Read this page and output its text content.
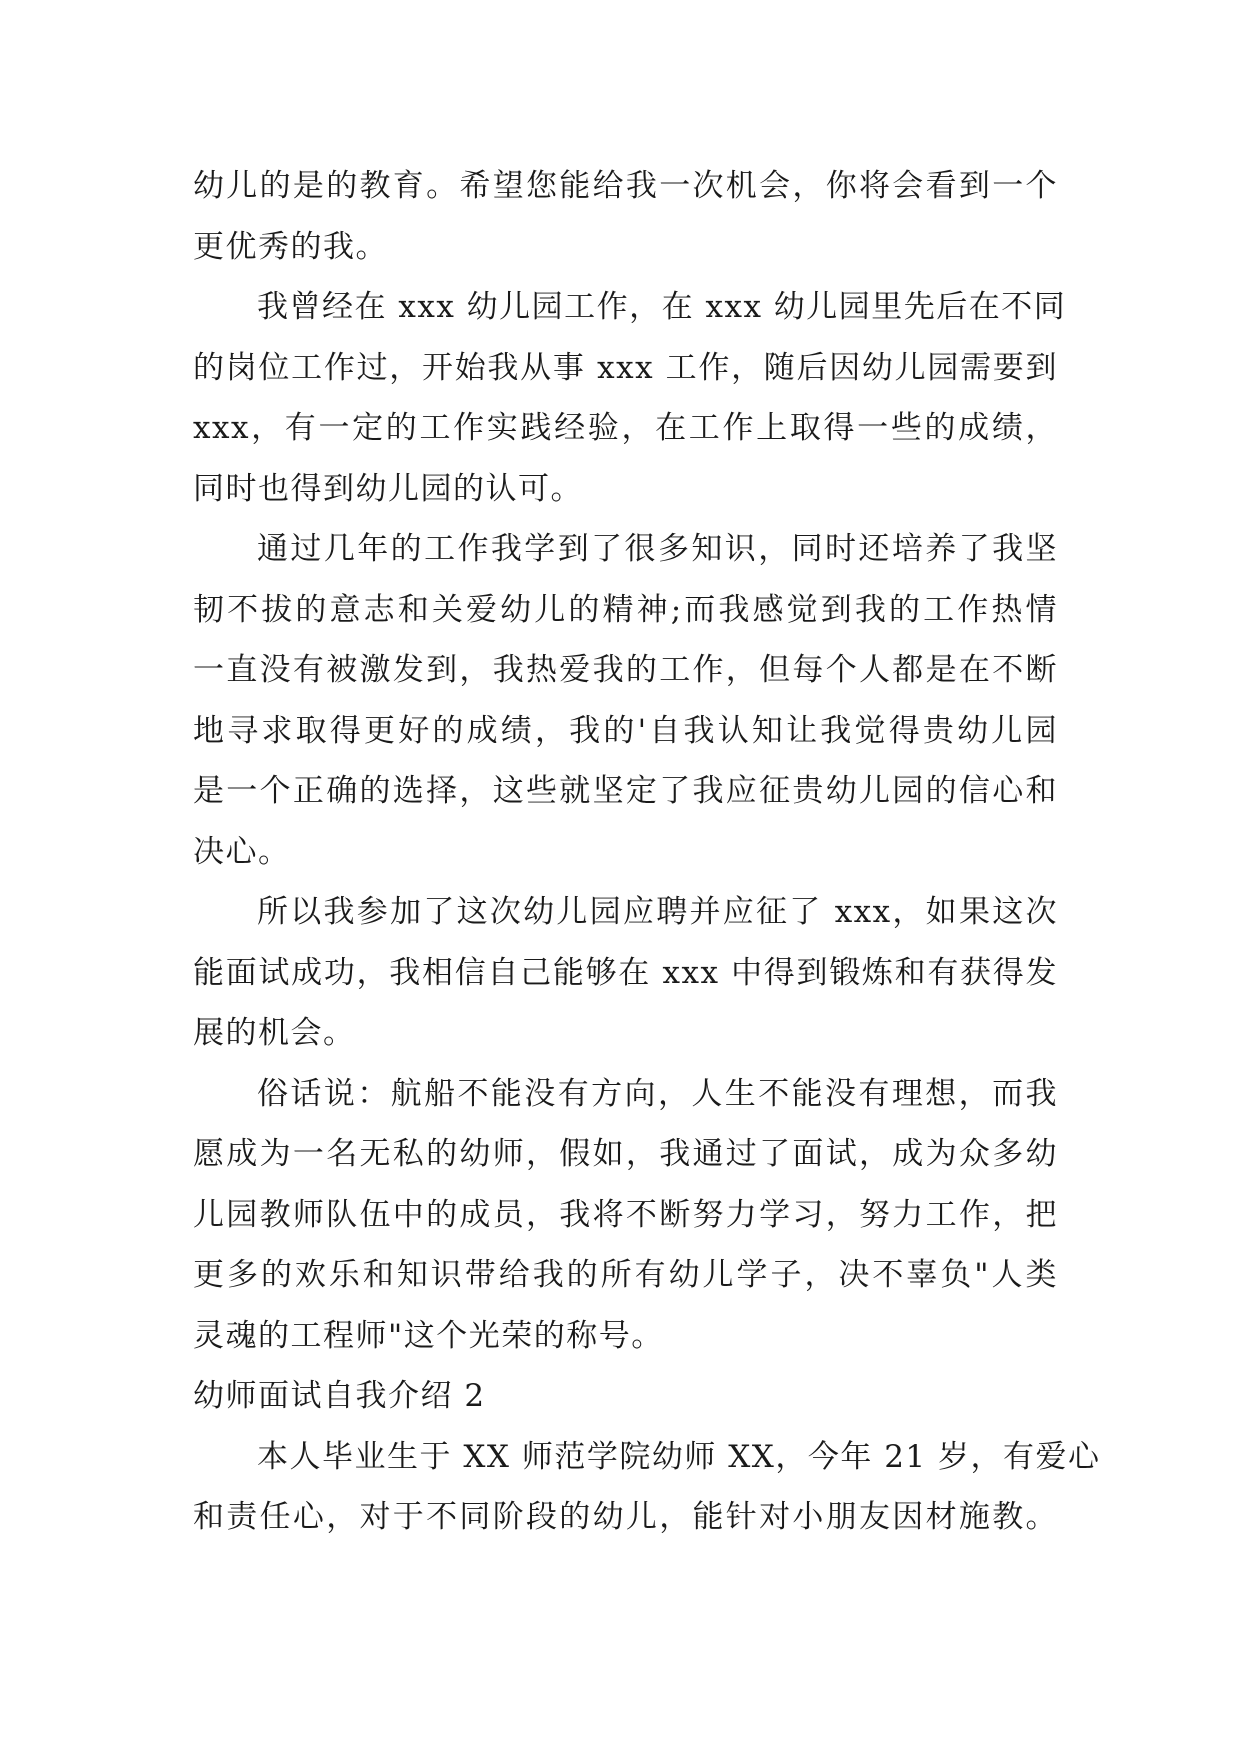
幼儿的是的教育。希望您能给我一次机会，你将会看到一个
更优秀的我。
我曾经在 xxx 幼儿园工作，在 xxx 幼儿园里先后在不同
的岗位工作过，开始我从事 xxx 工作，随后因幼儿园需要到
xxx，有一定的工作实践经验，在工作上取得一些的成绩，
同时也得到幼儿园的认可。
通过几年的工作我学到了很多知识，同时还培养了我坚
韧不拔的意志和关爱幼儿的精神;而我感觉到我的工作热情
一直没有被激发到，我热爱我的工作，但每个人都是在不断
地寻求取得更好的成绩，我的'自我认知让我觉得贵幼儿园
是一个正确的选择，这些就坚定了我应征贵幼儿园的信心和
决心。
所以我参加了这次幼儿园应聘并应征了 xxx，如果这次
能面试成功，我相信自己能够在 xxx 中得到锻炼和有获得发
展的机会。
俗话说：航船不能没有方向，人生不能没有理想，而我
愿成为一名无私的幼师，假如，我通过了面试，成为众多幼
儿园教师队伍中的成员，我将不断努力学习，努力工作，把
更多的欢乐和知识带给我的所有幼儿学子，决不辜负"人类
灵魂的工程师"这个光荣的称号。
幼师面试自我介绍 2
本人毕业生于 XX 师范学院幼师 XX，今年 21 岁，有爱心
和责任心，对于不同阶段的幼儿，能针对小朋友因材施教。
